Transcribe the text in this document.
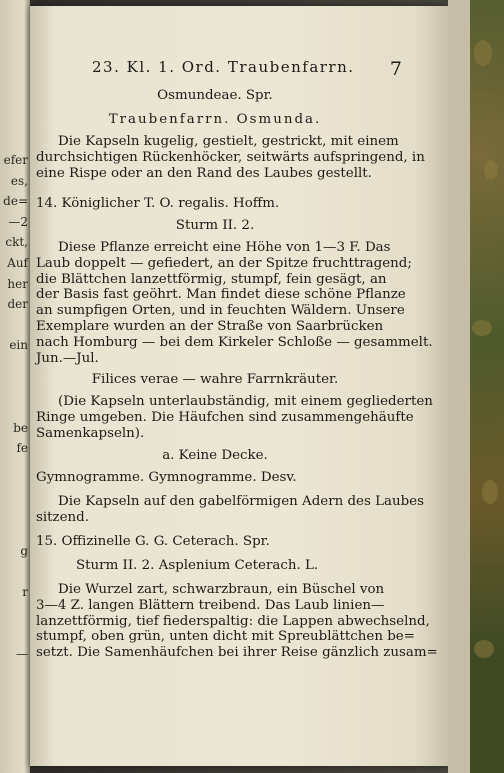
efer
es,
de=
—2
ckt,
Auf
her
der

ein

be
fe

g

r

—
23. Kl. 1. Ord. Traubenfarrn. 7
Osmundeae. Spr.
Traubenfarrn. Osmunda.
Die Kapseln kugelig, gestielt, gestrickt, mit einem
durchsichtigen Rückenhöcker, seitwärts aufspringend, in
eine Rispe oder an den Rand des Laubes gestellt.
14. Königlicher T. O. regalis. Hoffm.
Sturm II. 2.
Diese Pflanze erreicht eine Höhe von 1—3 F. Das
Laub doppelt — gefiedert, an der Spitze fruchttragend;
die Blättchen lanzettförmig, stumpf, fein gesägt, an
der Basis fast geöhrt. Man findet diese schöne Pflanze
an sumpfigen Orten, und in feuchten Wäldern. Unsere
Exemplare wurden an der Straße von Saarbrücken
nach Homburg — bei dem Kirkeler Schloße — gesammelt.
Jun.—Jul.
Filices verae — wahre Farrnkräuter.
(Die Kapseln unterlaubständig, mit einem gegliederten
Ringe umgeben. Die Häufchen sind zusammengehäufte
Samenkapseln).
a. Keine Decke.
Gymnogramme. Gymnogramme. Desv.
Die Kapseln auf den gabelförmigen Adern des Laubes
sitzend.
15. Offizinelle G. G. Ceterach. Spr.
Sturm II. 2. Asplenium Ceterach. L.
Die Wurzel zart, schwarzbraun, ein Büschel von
3—4 Z. langen Blättern treibend. Das Laub linien—
lanzettförmig, tief fiederspaltig: die Lappen abwechselnd,
stumpf, oben grün, unten dicht mit Spreublättchen be=
setzt. Die Samenhäufchen bei ihrer Reise gänzlich zusam=
